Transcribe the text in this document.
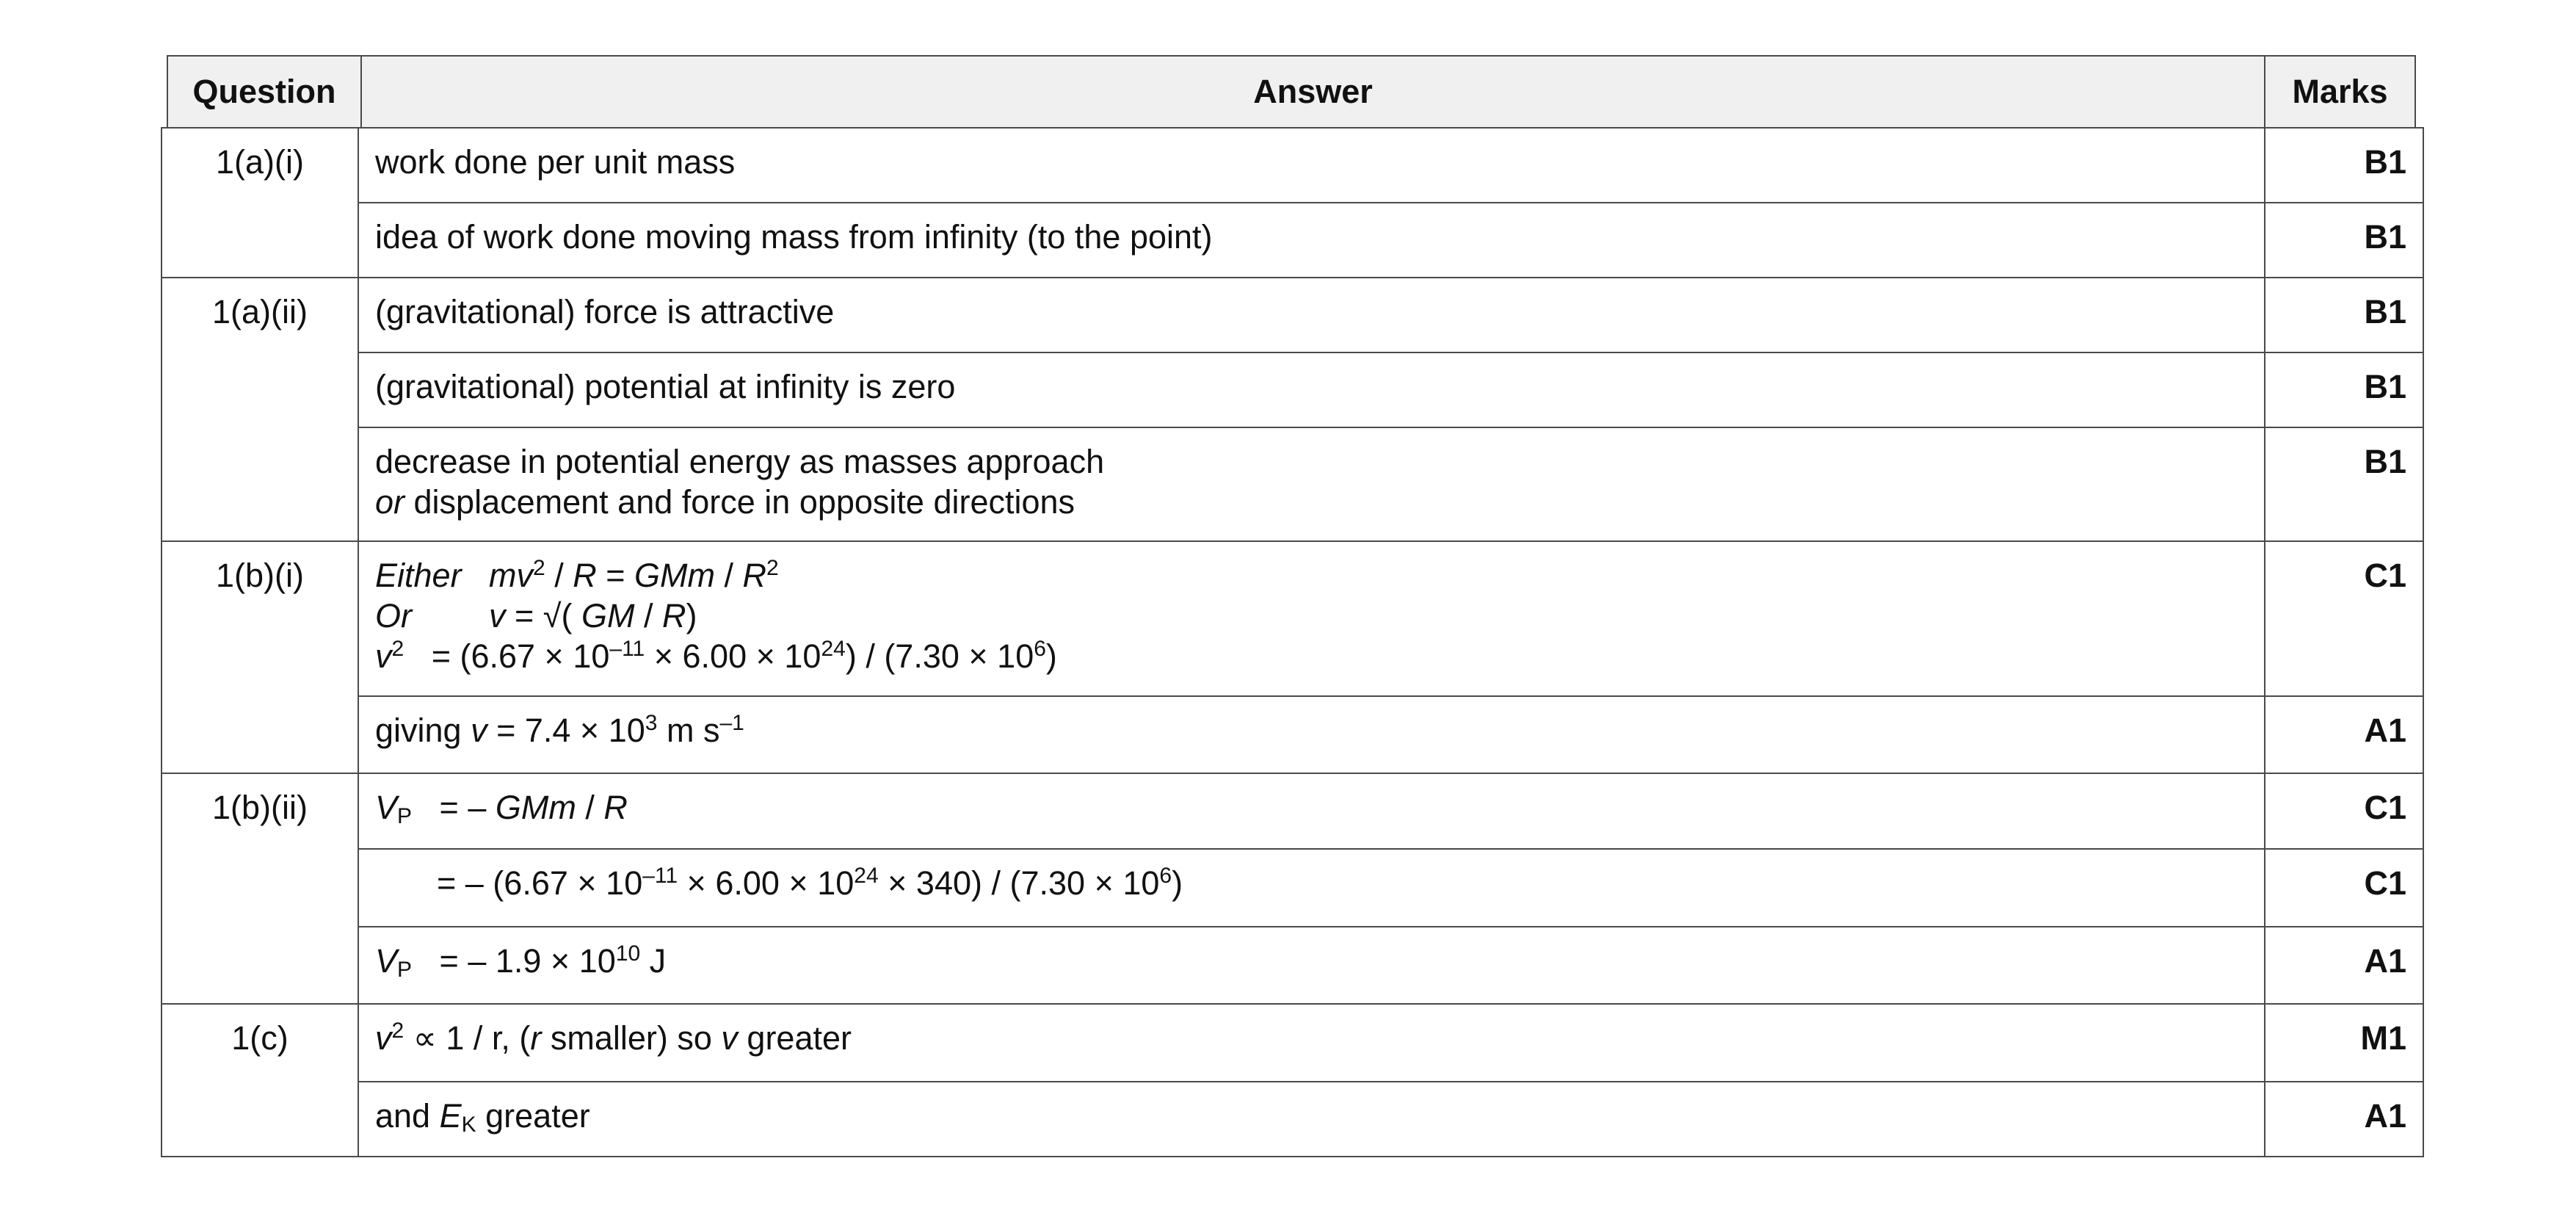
Question	Answer	Marks
1(a)(i)	work done per unit mass	B1
	idea of work done moving mass from infinity (to the point)	B1
1(a)(ii)	(gravitational) force is attractive	B1
	(gravitational) potential at infinity is zero	B1

	decrease in potential energy as masses approach
or displacement and force in opposite directions	B1
1(b)(i)	Either $mv^2$ / R = GMm / $R^2$
Or v = √( GM / R)
$v^2 = (6.67 \times 10^{-11} \times 6.00 \times 10^{24}) / (7.30 \times 10^6)$	C1
	giving $v = 7.4 \times 10^3$ m $s^{-1}$	A1
1(b)(ii)	$V_P$ = – GMm / R	C1
	= – $(6.67 \times 10^{-11} \times 6.00 \times 10^{24} \times 340) / (7.30 \times 10^6)$	C1
	$V_P$ = – $1.9 \times 10^{10}$ J	A1
1(c)	$v^2 \propto 1 / r$, (r smaller) so v greater	M1
	and $E_K$ greater	A1
